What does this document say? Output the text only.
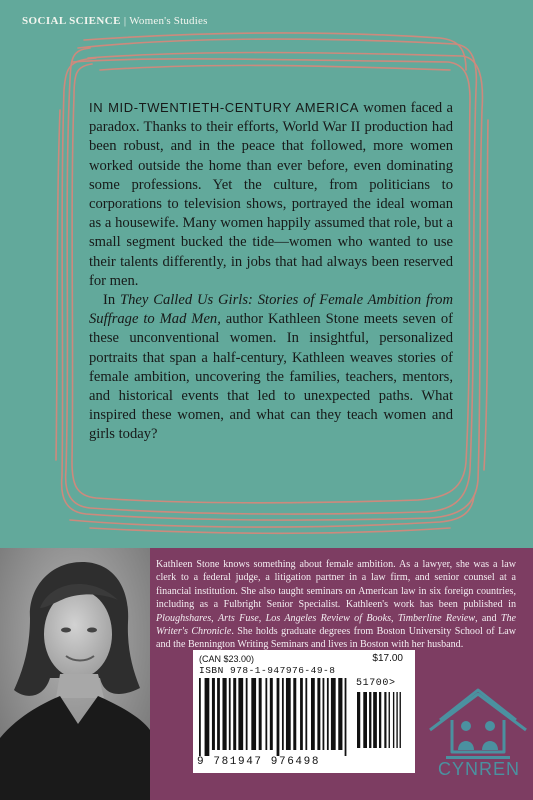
SOCIAL SCIENCE | Women's Studies

IN MID-TWENTIETH-CENTURY AMERICA women faced a paradox. Thanks to their efforts, World War II production had been robust, and in the peace that followed, more women worked outside the home than ever before, even dominating some professions. Yet the culture, from politicians to corporations to television shows, portrayed the ideal woman as a housewife. Many women happily assumed that role, but a small segment bucked the tide—women who wanted to use their talents differently, in jobs that had always been reserved for men.

In They Called Us Girls: Stories of Female Ambition from Suffrage to Mad Men, author Kathleen Stone meets seven of these unconventional women. In insightful, personalized portraits that span a half-century, Kathleen weaves stories of female ambition, uncovering the families, teachers, mentors, and historical events that led to unexpected paths. What inspired these women, and what can they teach women and girls today?

Kathleen Stone knows something about female ambition. As a lawyer, she was a law clerk to a federal judge, a litigation partner in a law firm, and senior counsel at a financial institution. She also taught seminars on American law in six foreign countries, including as a Fulbright Senior Specialist. Kathleen's work has been published in Ploughshares, Arts Fuse, Los Angeles Review of Books, Timberline Review, and The Writer's Chronicle. She holds graduate degrees from Boston University School of Law and the Bennington Writing Seminars and lives in Boston with her husband.
(CAN $23.00)	$17.00
ISBN 978-1-947976-49-8
51700>
9 781947 976498	CYNREN
